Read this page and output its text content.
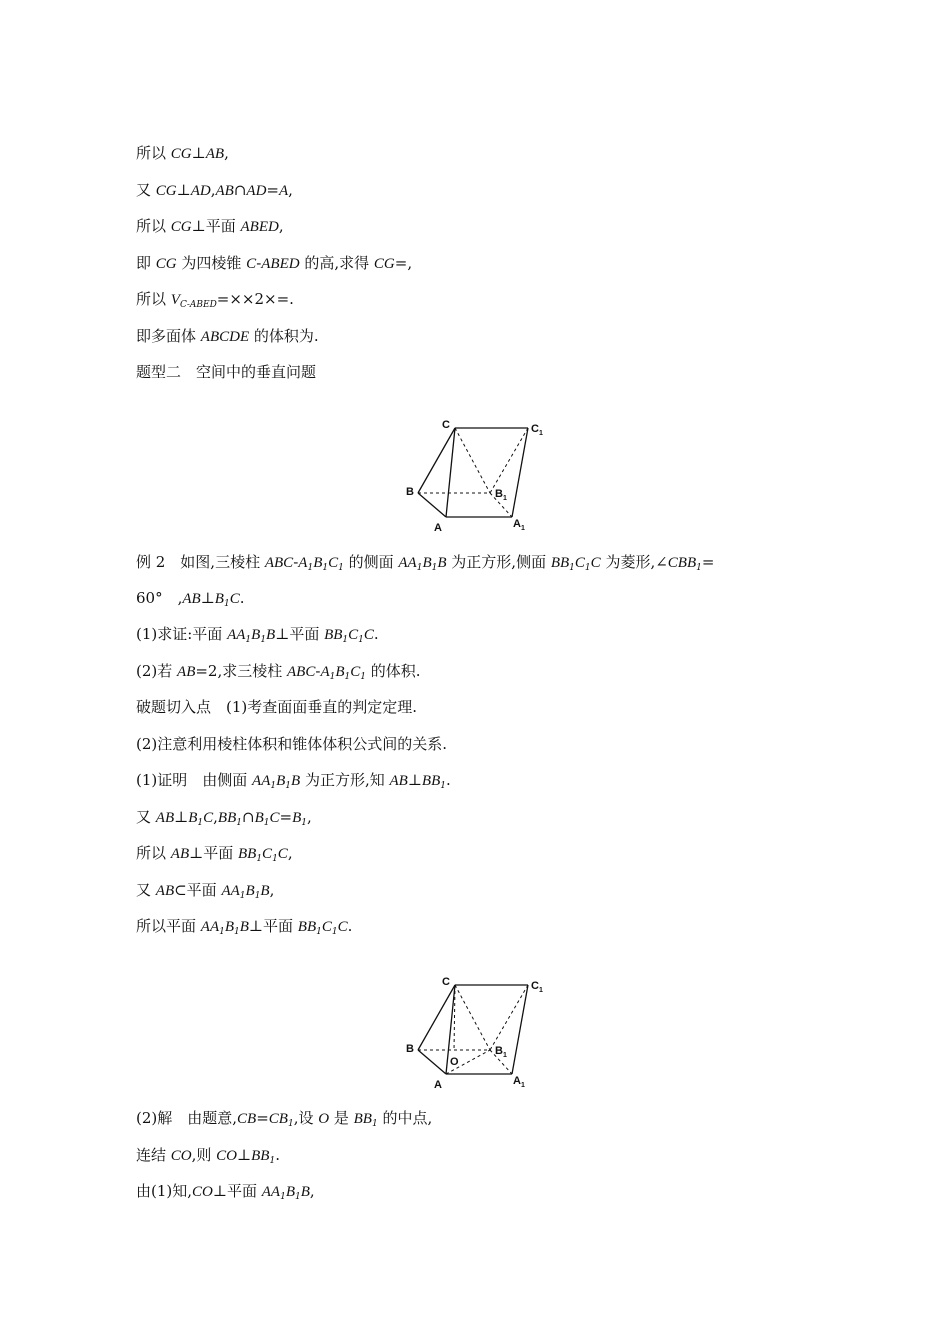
所以 CG⊥AB,
又 CG⊥AD,AB∩AD=A,
所以 CG⊥平面 ABED,
即 CG 为四棱锥 C-ABED 的高,求得 CG=,
所以 $V_{C-ABED}=\times\times 2\times=$.
即多面体 ABCDE 的体积为.
题型二　空间中的垂直问题
C	C 1
B	B 1
A	A 1
例 2　如图,三棱柱 ABC-$A_1B_1C_1$ 的侧面 $AA_1B_1B$ 为正方形,侧面 $BB_1C_1C$ 为菱形$,\angle CBB_1=$
60°　$,AB\perp B_1C$.
(1)求证:平面 $AA_1B_1B\perp$平面 $BB_1C_1C$.
(2)若 AB=2,求三棱柱 ABC-$A_1B_1C_1$ 的体积.
破题切入点　(1)考查面面垂直的判定定理.
(2)注意利用棱柱体积和锥体体积公式间的关系.
(1)证明　由侧面 $AA_1B_1B$ 为正方形,知 $AB\perp BB_1$.
又 $AB\perp B_1C,BB_1\cap B_1C=B_1$,
所以 AB⊥平面 $BB_1C_1C$,
又 AB⊂平面 $AA_1B_1B$,
所以平面 $AA_1B_1B\perp$平面 $BB_1C_1C$.
C	C 1
B	B 1
O
A	A 1
(2)解　由题意$,CB=CB_1$,设 O 是 $BB_1$ 的中点,
连结 CO,则 $CO\perp BB_1$.
由(1)知,CO⊥平面 $AA_1B_1B$,
